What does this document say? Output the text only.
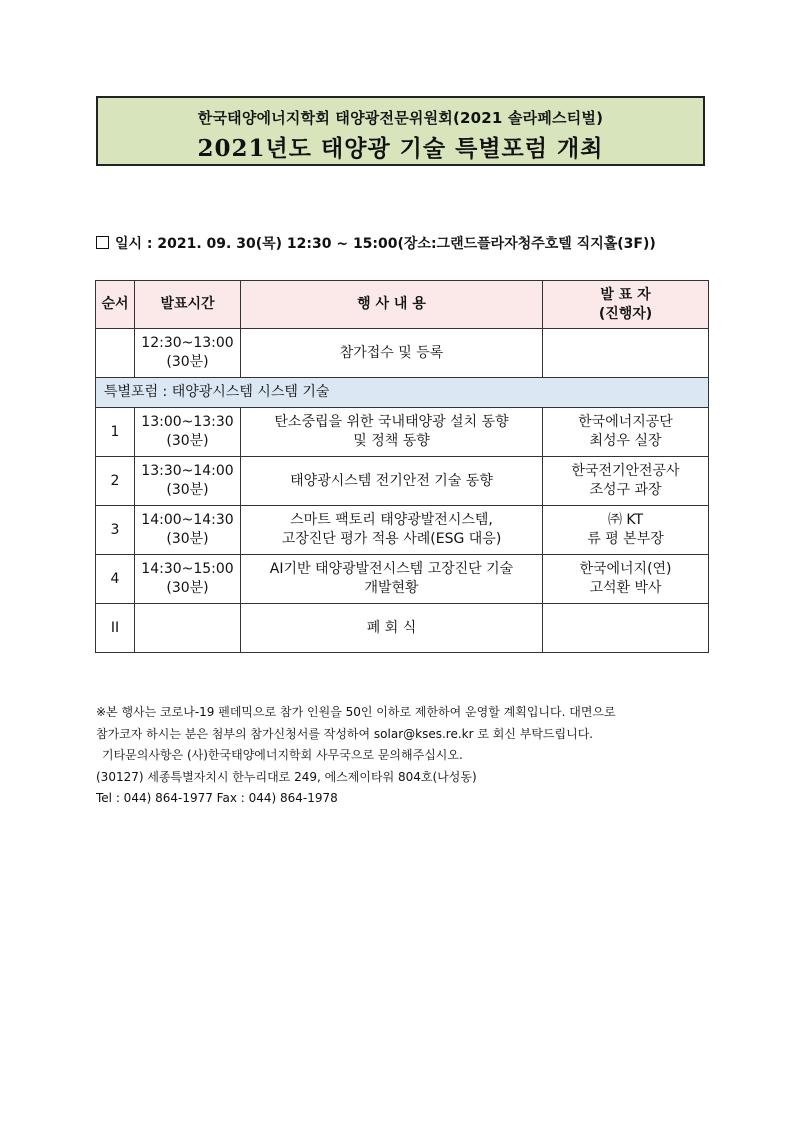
한국태양에너지학회 태양광전문위원회(2021 솔라페스티벌)
2021년도 태양광 기술 특별포럼 개최
일시 : 2021. 09. 30(목) 12:30 ~ 15:00(장소:그랜드플라자청주호텔 직지홀(3F))
순서	발표시간	행 사 내 용	발 표 자
(진행자)

	12:30~13:00
(30분)	참가접수 및 등록	
특별포럼 : 태양광시스템 시스템 기술			
1	13:00~13:30
(30분)	탄소중립을 위한 국내태양광 설치 동향
및 정책 동향	한국에너지공단
최성우 실장

2	13:30~14:00
(30분)	태양광시스템 전기안전 기술 동향	한국전기안전공사
조성구 과장

3	14:00~14:30
(30분)	스마트 팩토리 태양광발전시스템,
고장진단 평가 적용 사례(ESG 대응)	㈜ KT
류 평 본부장

4	14:30~15:00
(30분)	AI기반 태양광발전시스템 고장진단 기술
개발현황	한국에너지(연)
고석환 박사

II		폐 회 식	
※본 행사는 코로나-19 펜데믹으로 참가 인원을 50인 이하로 제한하여 운영할 계획입니다. 대면으로
참가코자 하시는 분은 첨부의 참가신청서를 작성하여 solar@kses.re.kr 로 회신 부탁드립니다.
기타문의사항은 (사)한국태양에너지학회 사무국으로 문의해주십시오.
(30127) 세종특별자치시 한누리대로 249, 에스제이타워 804호(나성동)
Tel : 044) 864-1977 Fax : 044) 864-1978
